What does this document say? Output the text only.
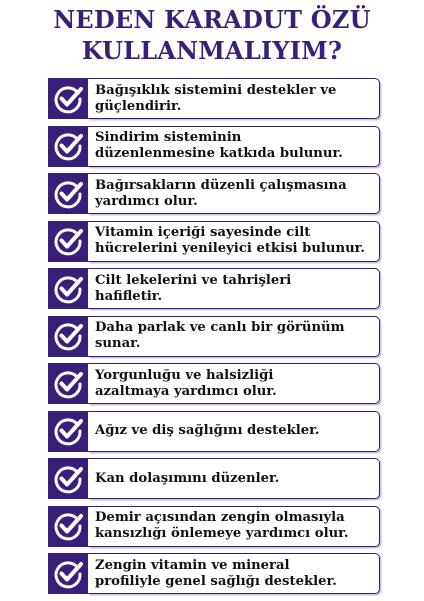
NEDEN KARADUT ÖZÜ
KULLANMALIYIM?
Bağışıklık sistemini destekler ve
güçlendirir.
Sindirim sisteminin
düzenlenmesine katkıda bulunur.
Bağırsakların düzenli çalışmasına
yardımcı olur.
Vitamin içeriği sayesinde cilt
hücrelerini yenileyici etkisi bulunur.
Cilt lekelerini ve tahrişleri
hafifletir.
Daha parlak ve canlı bir görünüm
sunar.
Yorgunluğu ve halsizliği
azaltmaya yardımcı olur.
Ağız ve diş sağlığını destekler.
Kan dolaşımını düzenler.
Demir açısından zengin olmasıyla
kansızlığı önlemeye yardımcı olur.
Zengin vitamin ve mineral
profiliyle genel sağlığı destekler.
